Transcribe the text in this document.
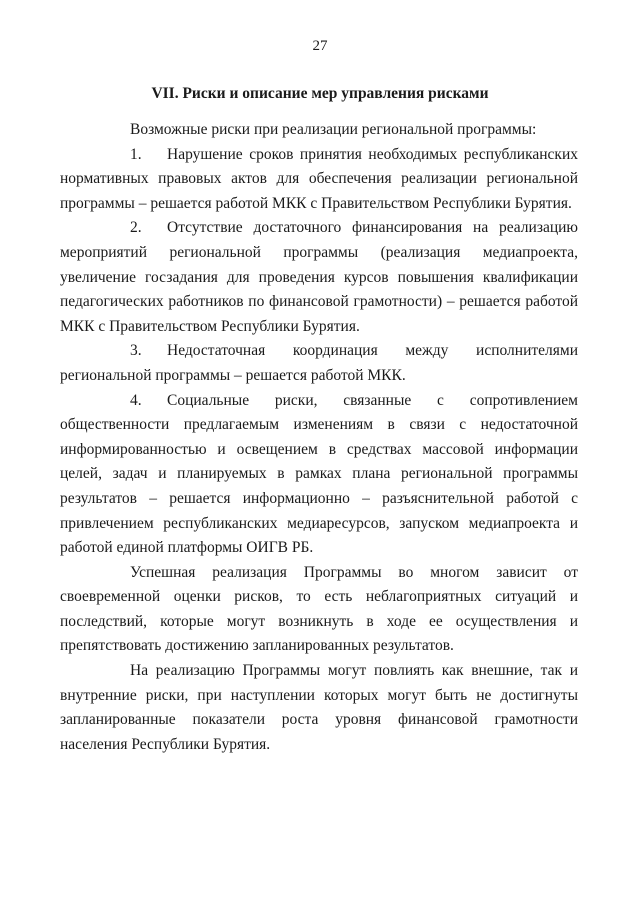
27
VII. Риски и описание мер управления рисками

Возможные риски при реализации региональной программы:

1. Нарушение сроков принятия необходимых республиканских нормативных правовых актов для обеспечения реализации региональной программы – решается работой МКК с Правительством Республики Бурятия.

2. Отсутствие достаточного финансирования на реализацию мероприятий региональной программы (реализация медиапроекта, увеличение госзадания для проведения курсов повышения квалификации педагогических работников по финансовой грамотности) – решается работой МКК с Правительством Республики Бурятия.

3. Недостаточная координация между исполнителями региональной программы – решается работой МКК.

4. Социальные риски, связанные с сопротивлением общественности предлагаемым изменениям в связи с недостаточной информированностью и освещением в средствах массовой информации целей, задач и планируемых в рамках плана региональной программы результатов – решается информационно – разъяснительной работой с привлечением республиканских медиаресурсов, запуском медиапроекта и работой единой платформы ОИГВ РБ.

Успешная реализация Программы во многом зависит от своевременной оценки рисков, то есть неблагоприятных ситуаций и последствий, которые могут возникнуть в ходе ее осуществления и препятствовать достижению запланированных результатов.

На реализацию Программы могут повлиять как внешние, так и внутренние риски, при наступлении которых могут быть не достигнуты запланированные показатели роста уровня финансовой грамотности населения Республики Бурятия.
